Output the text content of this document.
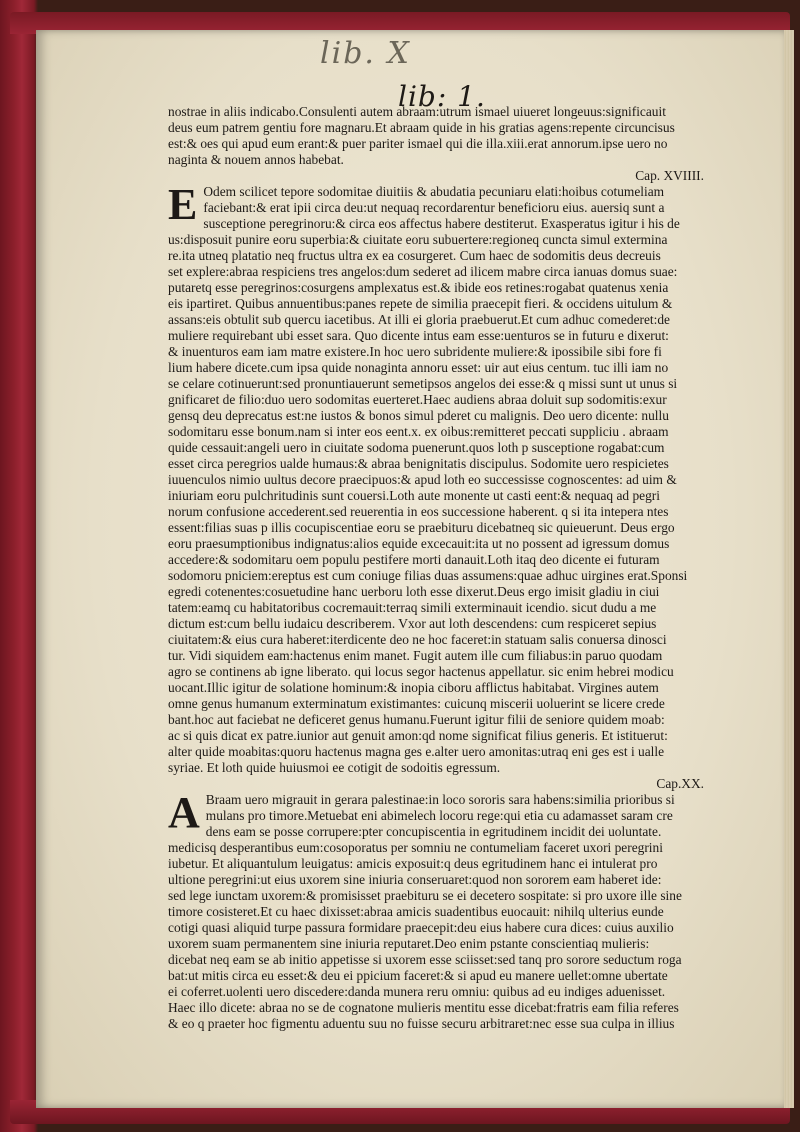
lib. X
lib: 1.
nostrae in aliis indicabo.Consulenti autem abraam:utrum ismael uiueret longeuus:significauit
deus eum patrem gentiu fore magnaru.Et abraam quide in his gratias agens:repente circuncisus
est:& oes qui apud eum erant:& puer pariter ismael qui die illa.xiii.erat annorum.ipse uero no
naginta & nouem annos habebat.
Cap. XVIIII.
E Odem scilicet tepore sodomitae diuitiis & abudatia pecuniaru elati:hoibus cotumeliam
faciebant:& erat ipii circa deu:ut nequaq recordarentur beneficioru eius. auersiq sunt a
susceptione peregrinoru:& circa eos affectus habere destiterut. Exasperatus igitur i his de
us:disposuit punire eoru superbia:& ciuitate eoru subuertere:regioneq cuncta simul extermina
re.ita utneq platatio neq fructus ultra ex ea cosurgeret. Cum haec de sodomitis deus decreuis
set explere:abraa respiciens tres angelos:dum sederet ad ilicem mabre circa ianuas domus suae:
putaretq esse peregrinos:cosurgens amplexatus est.& ibide eos retines:rogabat quatenus xenia
eis ipartiret. Quibus annuentibus:panes repete de similia praecepit fieri. & occidens uitulum &
assans:eis obtulit sub quercu iacetibus. At illi ei gloria praebuerut.Et cum adhuc comederet:de
muliere requirebant ubi esset sara. Quo dicente intus eam esse:uenturos se in futuru e dixerut:
& inuenturos eam iam matre existere.In hoc uero subridente muliere:& ipossibile sibi fore fi
lium habere dicete.cum ipsa quide nonaginta annoru esset: uir aut eius centum. tuc illi iam no
se celare cotinuerunt:sed pronuntiauerunt semetipsos angelos dei esse:& q missi sunt ut unus si
gnificaret de filio:duo uero sodomitas euerteret.Haec audiens abraa doluit sup sodomitis:exur
gensq deu deprecatus est:ne iustos & bonos simul pderet cu malignis. Deo uero dicente: nullu
sodomitaru esse bonum.nam si inter eos eent.x. ex oibus:remitteret peccati suppliciu . abraam
quide cessauit:angeli uero in ciuitate sodoma puenerunt.quos loth p susceptione rogabat:cum
esset circa peregrios ualde humaus:& abraa benignitatis discipulus. Sodomite uero respicietes
iuuenculos nimio uultus decore praecipuos:& apud loth eo successisse cognoscentes: ad uim &
iniuriam eoru pulchritudinis sunt couersi.Loth aute monente ut casti eent:& nequaq ad pegri
norum confusione accederent.sed reuerentia in eos successione haberent. q si ita intepera ntes
essent:filias suas p illis cocupiscentiae eoru se praebituru dicebatneq sic quieuerunt. Deus ergo
eoru praesumptionibus indignatus:alios equide excecauit:ita ut no possent ad igressum domus
accedere:& sodomitaru oem populu pestifere morti danauit.Loth itaq deo dicente ei futuram
sodomoru pniciem:ereptus est cum coniuge filias duas assumens:quae adhuc uirgines erat.Sponsi
egredi cotenentes:cosuetudine hanc uerboru loth esse dixerut.Deus ergo imisit gladiu in ciui
tatem:eamq cu habitatoribus cocremauit:terraq simili exterminauit icendio. sicut dudu a me
dictum est:cum bellu iudaicu describerem. Vxor aut loth descendens: cum respiceret sepius
ciuitatem:& eius cura haberet:iterdicente deo ne hoc faceret:in statuam salis conuersa dinosci
tur. Vidi siquidem eam:hactenus enim manet. Fugit autem ille cum filiabus:in paruo quodam
agro se continens ab igne liberato. qui locus segor hactenus appellatur. sic enim hebrei modicu
uocant.Illic igitur de solatione hominum:& inopia ciboru afflictus habitabat. Virgines autem
omne genus humanum exterminatum existimantes: cuicunq miscerii uoluerint se licere crede
bant.hoc aut faciebat ne deficeret genus humanu.Fuerunt igitur filii de seniore quidem moab:
ac si quis dicat ex patre.iunior aut genuit amon:qd nome significat filius generis. Et istituerut:
alter quide moabitas:quoru hactenus magna ges e.alter uero amonitas:utraq eni ges est i ualle
syriae. Et loth quide huiusmoi ee cotigit de sodoitis egressum.
Cap.XX.
A Braam uero migrauit in gerara palestinae:in loco sororis sara habens:similia prioribus si
mulans pro timore.Metuebat eni abimelech locoru rege:qui etia cu adamasset saram cre
dens eam se posse corrupere:pter concupiscentia in egritudinem incidit dei uoluntate.
medicisq desperantibus eum:cosoporatus per somniu ne contumeliam faceret uxori peregrini
iubetur. Et aliquantulum leuigatus: amicis exposuit:q deus egritudinem hanc ei intulerat pro
ultione peregrini:ut eius uxorem sine iniuria conseruaret:quod non sororem eam haberet ide:
sed lege iunctam uxorem:& promisisset praebituru se ei decetero sospitate: si pro uxore ille sine
timore cosisteret.Et cu haec dixisset:abraa amicis suadentibus euocauit: nihilq ulterius eunde
cotigi quasi aliquid turpe passura formidare praecepit:deu eius habere cura dices: cuius auxilio
uxorem suam permanentem sine iniuria reputaret.Deo enim pstante conscientiaq mulieris:
dicebat neq eam se ab initio appetisse si uxorem esse sciisset:sed tanq pro sorore seductum roga
bat:ut mitis circa eu esset:& deu ei ppicium faceret:& si apud eu manere uellet:omne ubertate
ei coferret.uolenti uero discedere:danda munera reru omniu: quibus ad eu indiges aduenisset.
Haec illo dicete: abraa no se de cognatone mulieris mentitu esse dicebat:fratris eam filia referes
& eo q praeter hoc figmentu aduentu suu no fuisse securu arbitraret:nec esse sua culpa in illius
